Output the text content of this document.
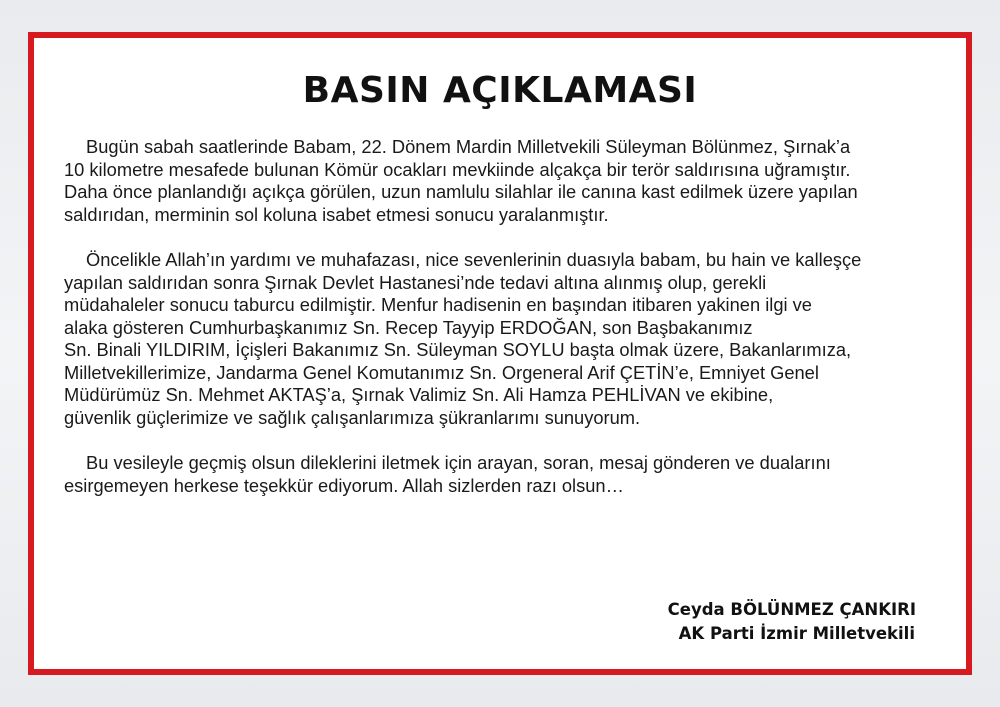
BASIN AÇIKLAMASI

Bugün sabah saatlerinde Babam, 22. Dönem Mardin Milletvekili Süleyman Bölünmez, Şırnak’a
10 kilometre mesafede bulunan Kömür ocakları mevkiinde alçakça bir terör saldırısına uğramıştır.
Daha önce planlandığı açıkça görülen, uzun namlulu silahlar ile canına kast edilmek üzere yapılan
saldırıdan, merminin sol koluna isabet etmesi sonucu yaralanmıştır.

Öncelikle Allah’ın yardımı ve muhafazası, nice sevenlerinin duasıyla babam, bu hain ve kalleşçe
yapılan saldırıdan sonra Şırnak Devlet Hastanesi’nde tedavi altına alınmış olup, gerekli
müdahaleler sonucu taburcu edilmiştir. Menfur hadisenin en başından itibaren yakinen ilgi ve
alaka gösteren Cumhurbaşkanımız Sn. Recep Tayyip ERDOĞAN, son Başbakanımız
Sn. Binali YILDIRIM, İçişleri Bakanımız Sn. Süleyman SOYLU başta olmak üzere, Bakanlarımıza,
Milletvekillerimize, Jandarma Genel Komutanımız Sn. Orgeneral Arif ÇETİN’e, Emniyet Genel
Müdürümüz Sn. Mehmet AKTAŞ’a, Şırnak Valimiz Sn. Ali Hamza PEHLİVAN ve ekibine,
güvenlik güçlerimize ve sağlık çalışanlarımıza şükranlarımı sunuyorum.

Bu vesileyle geçmiş olsun dileklerini iletmek için arayan, soran, mesaj gönderen ve dualarını
esirgemeyen herkese teşekkür ediyorum. Allah sizlerden razı olsun…

Ceyda BÖLÜNMEZ ÇANKIRI
AK Parti İzmir Milletvekili
